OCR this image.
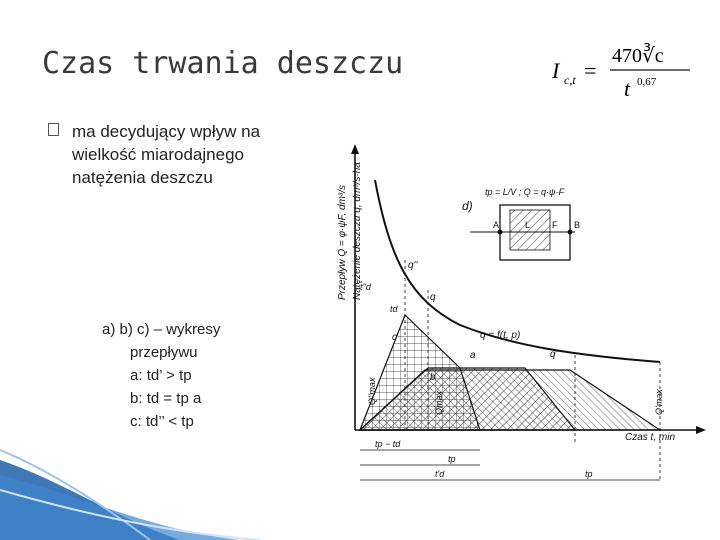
Czas trwania deszczu	I c,t =
470∛c
t 0,67
ma decydujący wpływ na wielkość miarodajnego natężenia deszczu
a) b) c) – wykresy
przepływu
a: td’ > tp
b: td = tp a
c: td’’ < tp
Przepływ Q = φ·ψF, dm³/s Natężenie deszczu q, dm³/s·ha	d)
tp = L/V ; Q = q·ψ·F
A	B
F
L
q''
q
q'
a
b
c	q = f(t, p)
Q''max	Qmax	Q'max
Czas t, min
t''d
td
tp − td
tp
t'd	tp
